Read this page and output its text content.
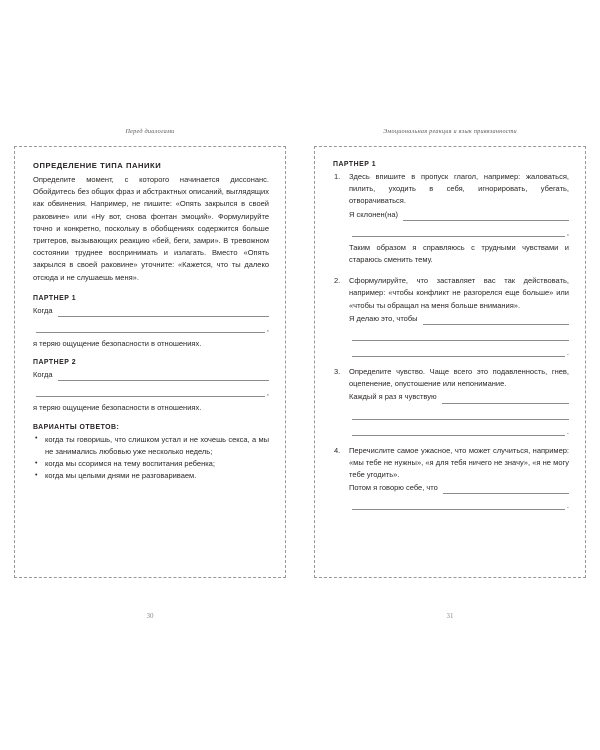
Перед диалогами	Эмоциональная реакция и язык привязанности
ОПРЕДЕЛЕНИЕ ТИПА ПАНИКИ

Определите момент, с которого начинается диссонанс. Обойдитесь без общих фраз и абстрактных описаний, выглядящих как обвинения. Например, не пишите: «Опять закрылся в своей раковине» или «Ну вот, снова фонтан эмоций». Формулируйте точно и конкретно, поскольку в обобщениях содержится больше триггеров, вызывающих реакцию «бей, беги, замри». В тревожном состоянии труднее воспринимать и излагать. Вместо «Опять закрылся в своей раковине» уточните: «Кажется, что ты далеко отсюда и не слушаешь меня».

ПАРТНЕР 1
Когда
,

я теряю ощущение безопасности в отношениях.

ПАРТНЕР 2
Когда
,

я теряю ощущение безопасности в отношениях.

ВАРИАНТЫ ОТВЕТОВ:
• когда ты говоришь, что слишком устал и не хочешь секса, а мы не занимались любовью уже несколько недель;
• когда мы ссоримся на тему воспитания ребенка;
• когда мы целыми днями не разговариваем.
ПАРТНЕР 1

Здесь впишите в пропуск глагол, например: жаловаться, пилить, уходить в себя, игнорировать, убегать, отворачиваться.

Я склонен(на)
,

Таким образом я справляюсь с трудными чувствами и стараюсь сменить тему.

Сформулируйте, что заставляет вас так действовать, например: «чтобы конфликт не разгорелся еще больше» или «чтобы ты обращал на меня больше внимания».

Я делаю это, чтобы
.

Определите чувство. Чаще всего это подавленность, гнев, оцепенение, опустошение или непонимание.

Каждый я раз я чувствую
.

Перечислите самое ужасное, что может случиться, например: «мы тебе не нужны», «я для тебя ничего не значу», «я не могу тебе угодить».

Потом я говорю себе, что
.
30	31
